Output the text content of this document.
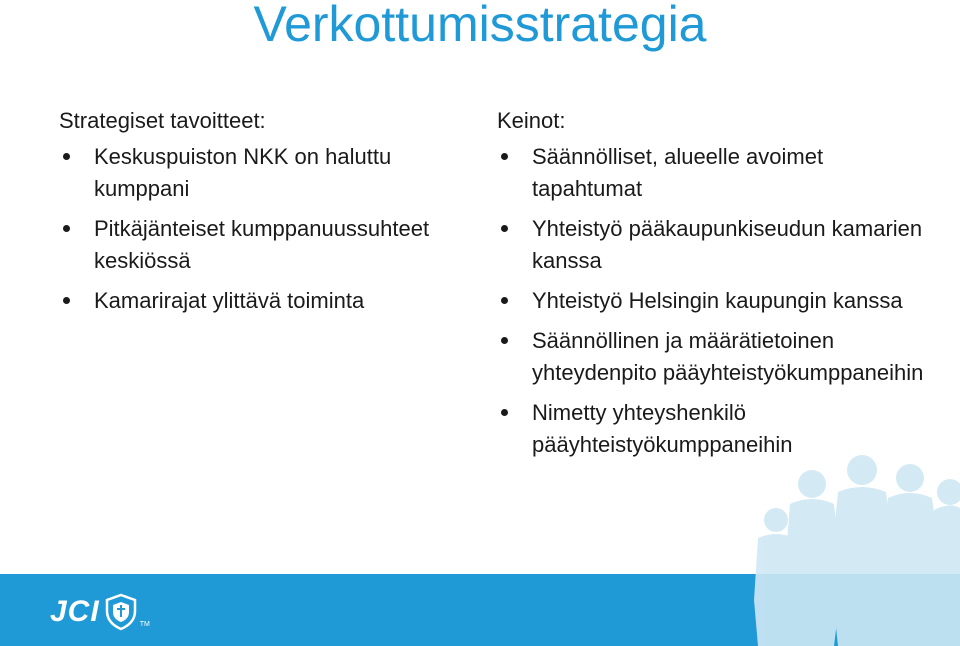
Verkottumisstrategia
Strategiset tavoitteet:
Keskuspuiston NKK on haluttu kumppani
Pitkäjänteiset kumppanuussuhteet keskiössä
Kamarirajat ylittävä toiminta
Keinot:
Säännölliset, alueelle avoimet tapahtumat
Yhteistyö pääkaupunkiseudun kamarien kanssa
Yhteistyö Helsingin kaupungin kanssa
Säännöllinen ja määrätietoinen yhteydenpito pääyhteistyökumppaneihin
Nimetty yhteyshenkilö pääyhteistyökumppaneihin
JCI	TM
